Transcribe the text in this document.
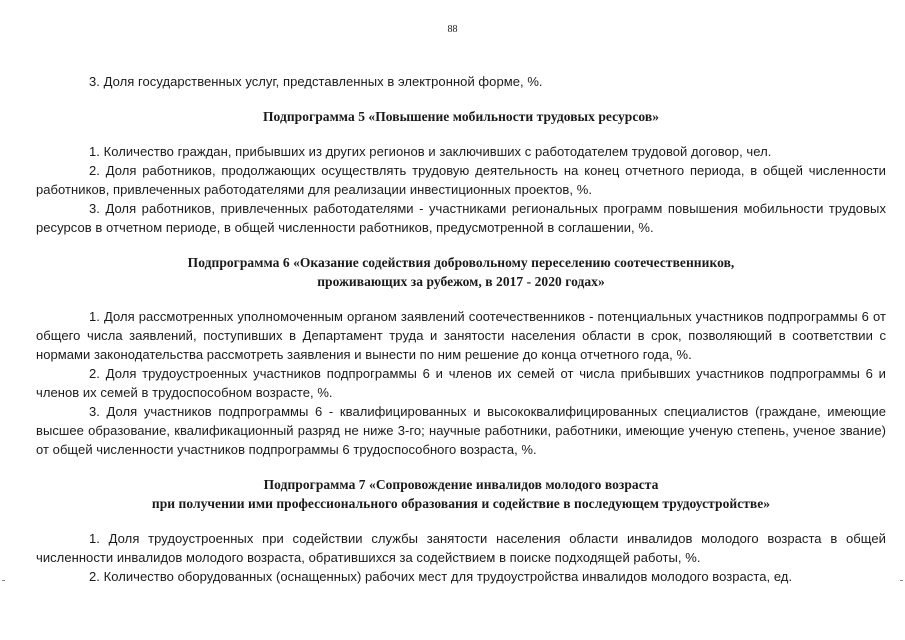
88

3. Доля государственных услуг, представленных в электронной форме, %.

Подпрограмма 5 «Повышение мобильности трудовых ресурсов»

1. Количество граждан, прибывших из других регионов и заключивших с работодателем трудовой договор, чел.

2. Доля работников, продолжающих осуществлять трудовую деятельность на конец отчетного периода, в общей численности работников, привлеченных работодателями для реализации инвестиционных проектов, %.

3. Доля работников, привлеченных работодателями - участниками региональных программ повышения мобильности трудовых ресурсов в отчетном периоде, в общей численности работников, предусмотренной в соглашении, %.

Подпрограмма 6 «Оказание содействия добровольному переселению соотечественников,
проживающих за рубежом, в 2017 - 2020 годах»

1. Доля рассмотренных уполномоченным органом заявлений соотечественников - потенциальных участников подпрограммы 6 от общего числа заявлений, поступивших в Департамент труда и занятости населения области в срок, позволяющий в соответствии с нормами законодательства рассмотреть заявления и вынести по ним решение до конца отчетного года, %.

2. Доля трудоустроенных участников подпрограммы 6 и членов их семей от числа прибывших участников подпрограммы 6 и членов их семей в трудоспособном возрасте, %.

3. Доля участников подпрограммы 6 - квалифицированных и высококвалифицированных специалистов (граждане, имеющие высшее образование, квалификационный разряд не ниже 3-го; научные работники, работники, имеющие ученую степень, ученое звание) от общей численности участников подпрограммы 6 трудоспособного возраста, %.

Подпрограмма 7 «Сопровождение инвалидов молодого возраста
при получении ими профессионального образования и содействие в последующем трудоустройстве»

1. Доля трудоустроенных при содействии службы занятости населения области инвалидов молодого возраста в общей численности инвалидов молодого возраста, обратившихся за содействием в поиске подходящей работы, %.

2. Количество оборудованных (оснащенных) рабочих мест для трудоустройства инвалидов молодого возраста, ед.
